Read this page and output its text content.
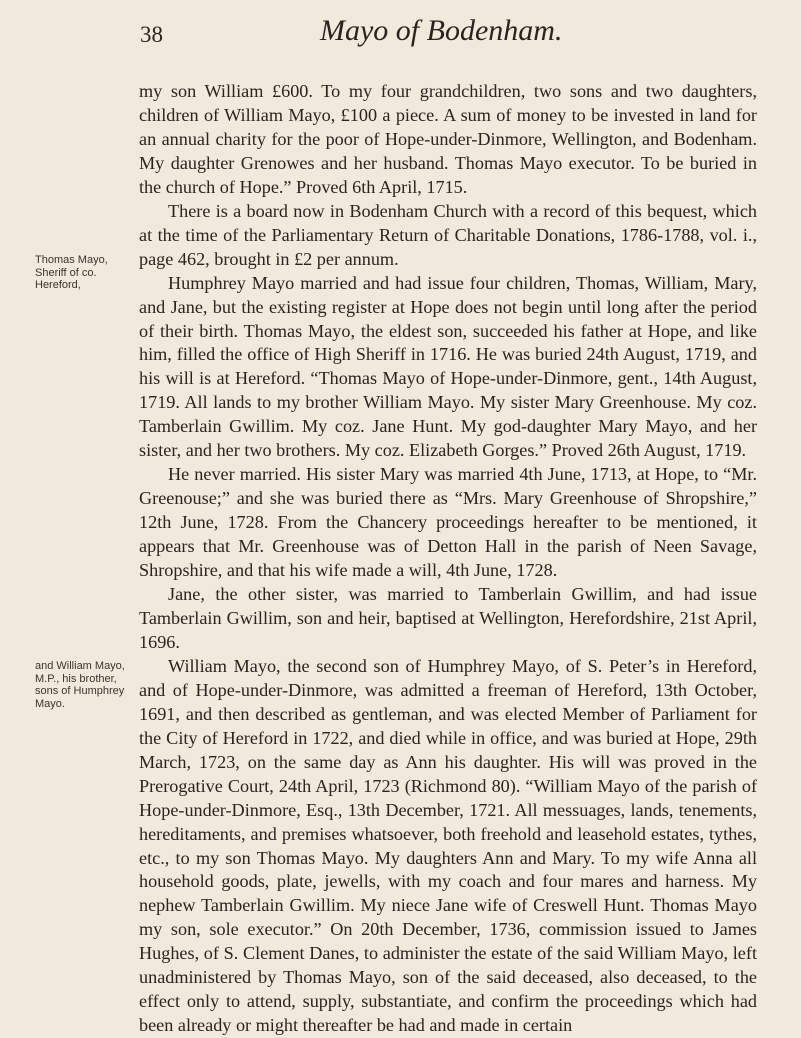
38	Mayo of Bodenham.
Thomas Mayo, Sheriff of co. Hereford,
and William Mayo, M.P., his brother, sons of Humphrey Mayo.

my son William £600. To my four grandchildren, two sons and two daughters, children of William Mayo, £100 a piece. A sum of money to be invested in land for an annual charity for the poor of Hope-under-Dinmore, Wellington, and Bodenham. My daughter Grenowes and her husband. Thomas Mayo executor. To be buried in the church of Hope.” Proved 6th April, 1715.

There is a board now in Bodenham Church with a record of this bequest, which at the time of the Parliamentary Return of Charitable Donations, 1786-1788, vol. i., page 462, brought in £2 per annum.

Humphrey Mayo married and had issue four children, Thomas, William, Mary, and Jane, but the existing register at Hope does not begin until long after the period of their birth. Thomas Mayo, the eldest son, succeeded his father at Hope, and like him, filled the office of High Sheriff in 1716. He was buried 24th August, 1719, and his will is at Hereford. “Thomas Mayo of Hope-under-Dinmore, gent., 14th August, 1719. All lands to my brother William Mayo. My sister Mary Greenhouse. My coz. Tamberlain Gwillim. My coz. Jane Hunt. My god-daughter Mary Mayo, and her sister, and her two brothers. My coz. Elizabeth Gorges.” Proved 26th August, 1719.

He never married. His sister Mary was married 4th June, 1713, at Hope, to “Mr. Greenouse;” and she was buried there as “Mrs. Mary Greenhouse of Shropshire,” 12th June, 1728. From the Chancery proceedings hereafter to be mentioned, it appears that Mr. Greenhouse was of Detton Hall in the parish of Neen Savage, Shropshire, and that his wife made a will, 4th June, 1728.

Jane, the other sister, was married to Tamberlain Gwillim, and had issue Tamberlain Gwillim, son and heir, baptised at Wellington, Herefordshire, 21st April, 1696.

William Mayo, the second son of Humphrey Mayo, of S. Peter’s in Hereford, and of Hope-under-Dinmore, was admitted a freeman of Hereford, 13th October, 1691, and then described as gentleman, and was elected Member of Parliament for the City of Hereford in 1722, and died while in office, and was buried at Hope, 29th March, 1723, on the same day as Ann his daughter. His will was proved in the Prerogative Court, 24th April, 1723 (Richmond 80). “William Mayo of the parish of Hope-under-Dinmore, Esq., 13th December, 1721. All messuages, lands, tenements, hereditaments, and premises whatsoever, both freehold and leasehold estates, tythes, etc., to my son Thomas Mayo. My daughters Ann and Mary. To my wife Anna all household goods, plate, jewells, with my coach and four mares and harness. My nephew Tamberlain Gwillim. My niece Jane wife of Creswell Hunt. Thomas Mayo my son, sole executor.” On 20th December, 1736, commission issued to James Hughes, of S. Clement Danes, to administer the estate of the said William Mayo, left unadministered by Thomas Mayo, son of the said deceased, also deceased, to the effect only to attend, supply, substantiate, and confirm the proceedings which had been already or might thereafter be had and made in certain
